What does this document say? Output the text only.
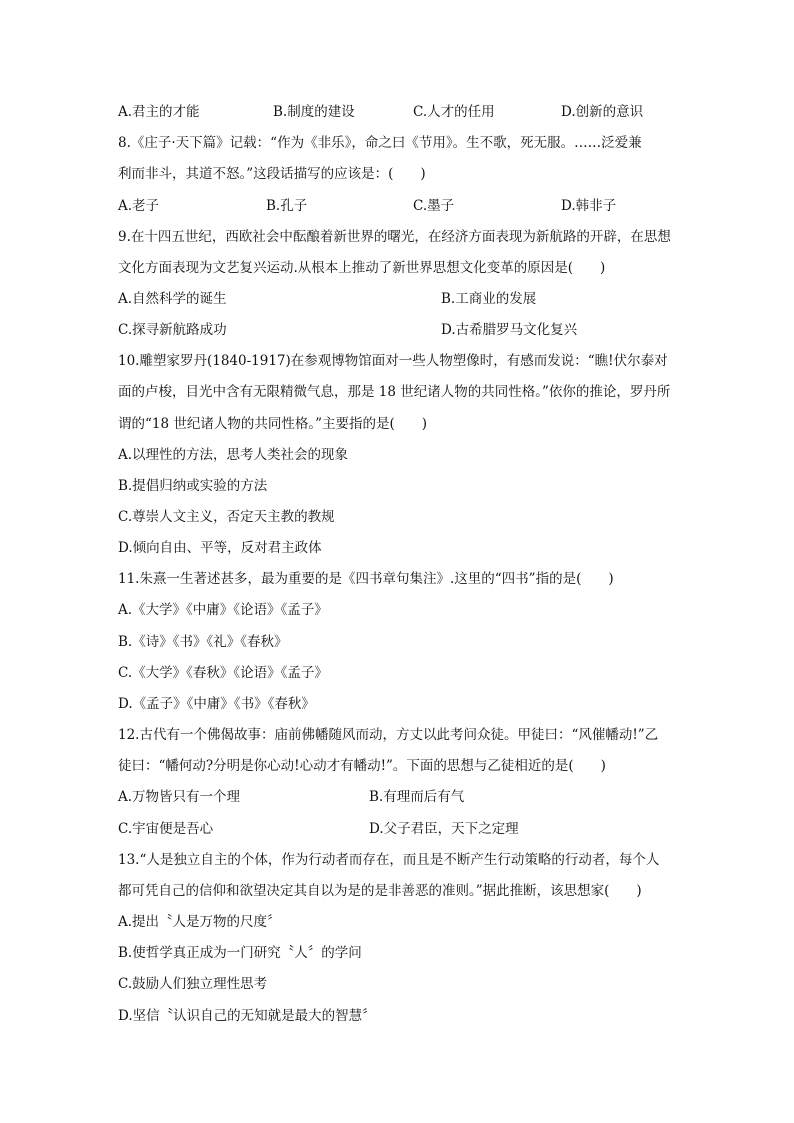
A.君主的才能	B.制度的建设	C.人才的任用	D.创新的意识
8.《庄子·天下篇》记载：“作为《非乐》，命之曰《节用》。生不歌，死无服。……泛爱兼
利而非斗，其道不怒。”这段话描写的应该是：(　　)
A.老子	B.孔子	C.墨子	D.韩非子
9.在十四五世纪，西欧社会中酝酿着新世界的曙光，在经济方面表现为新航路的开辟，在思想
文化方面表现为文艺复兴运动.从根本上推动了新世界思想文化变革的原因是(　　)
A.自然科学的诞生	B.工商业的发展
C.探寻新航路成功	D.古希腊罗马文化复兴
10.雕塑家罗丹(1840-1917)在参观博物馆面对一些人物塑像时，有感而发说：“瞧!伏尔泰对
面的卢梭，目光中含有无限精微气息，那是 18 世纪诸人物的共同性格。”依你的推论，罗丹所
谓的“18 世纪诸人物的共同性格。”主要指的是(　　)
A.以理性的方法，思考人类社会的现象
B.提倡归纳或实验的方法
C.尊崇人文主义，否定天主教的教规
D.倾向自由、平等，反对君主政体
11.朱熹一生著述甚多，最为重要的是《四书章句集注》.这里的“四书”指的是(　　)
A.《大学》《中庸》《论语》《孟子》
B.《诗》《书》《礼》《春秋》
C.《大学》《春秋》《论语》《孟子》
D.《孟子》《中庸》《书》《春秋》
12.古代有一个佛偈故事：庙前佛幡随风而动，方丈以此考问众徒。甲徒曰：“风催幡动!”乙
徒曰：“幡何动?分明是你心动!心动才有幡动!”。下面的思想与乙徒相近的是(　　)
A.万物皆只有一个理	B.有理而后有气
C.宇宙便是吾心	D.父子君臣，天下之定理
13.“人是独立自主的个体，作为行动者而存在，而且是不断产生行动策略的行动者，每个人
都可凭自己的信仰和欲望决定其自以为是的是非善恶的准则。”据此推断，该思想家(　　)
A.提出〝人是万物的尺度〞
B.使哲学真正成为一门研究〝人〞的学问
C.鼓励人们独立理性思考
D.坚信〝认识自己的无知就是最大的智慧〞
